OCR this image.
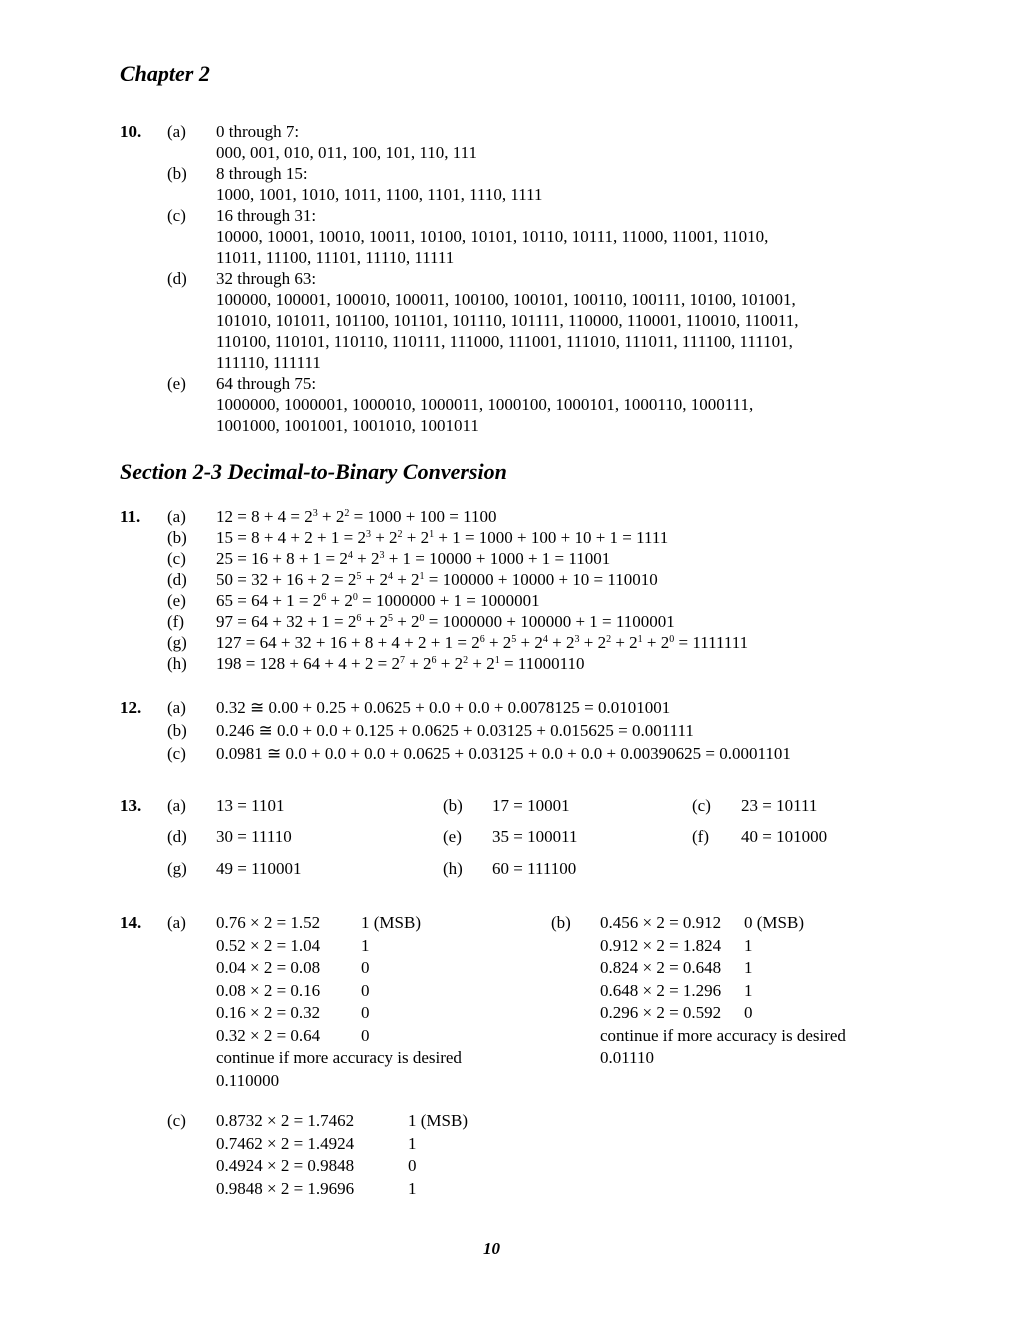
Chapter 2
Section 2-3 Decimal-to-Binary Conversion
10
10. (a) 0 through 7:
000, 001, 010, 011, 100, 101, 110, 111
(b) 8 through 15:
1000, 1001, 1010, 1011, 1100, 1101, 1110, 1111
(c) 16 through 31:
10000, 10001, 10010, 10011, 10100, 10101, 10110, 10111, 11000, 11001, 11010,
11011, 11100, 11101, 11110, 11111
(d) 32 through 63:
100000, 100001, 100010, 100011, 100100, 100101, 100110, 100111, 10100, 101001,
101010, 101011, 101100, 101101, 101110, 101111, 110000, 110001, 110010, 110011,
110100, 110101, 110110, 110111, 111000, 111001, 111010, 111011, 111100, 111101,
111110, 111111
(e) 64 through 75:
1000000, 1000001, 1000010, 1000011, 1000100, 1000101, 1000110, 1000111,
1001000, 1001001, 1001010, 1001011
11. (a) $12 = 8 + 4 = 2^3 + 2^2 = 1000 + 100 = 1100$
(b) $15 = 8 + 4 + 2 + 1 = 2^3 + 2^2 + 2^1 + 1 = 1000 + 100 + 10 + 1 = 1111$
(c) $25 = 16 + 8 + 1 = 2^4 + 2^3 + 1 = 10000 + 1000 + 1 = 11001$
(d) $50 = 32 + 16 + 2 = 2^5 + 2^4 + 2^1 = 100000 + 10000 + 10 = 110010$
(e) $65 = 64 + 1 = 2^6 + 2^0 = 1000000 + 1 = 1000001$
(f) $97 = 64 + 32 + 1 = 2^6 + 2^5 + 2^0 = 1000000 + 100000 + 1 = 1100001$
(g) $127 = 64 + 32 + 16 + 8 + 4 + 2 + 1 = 2^6 + 2^5 + 2^4 + 2^3 + 2^2 + 2^1 + 2^0 = 1111111$
(h) $198 = 128 + 64 + 4 + 2 = 2^7 + 2^6 + 2^2 + 2^1 = 11000110$
12. (a) 0.32 ≅ 0.00 + 0.25 + 0.0625 + 0.0 + 0.0 + 0.0078125 = 0.0101001
(b) 0.246 ≅ 0.0 + 0.0 + 0.125 + 0.0625 + 0.03125 + 0.015625 = 0.001111
(c) 0.0981 ≅ 0.0 + 0.0 + 0.0 + 0.0625 + 0.03125 + 0.0 + 0.0 + 0.00390625 = 0.0001101
13. (a) 13 = 1101	(b) 17 = 10001	(c) 23 = 10111
(d) 30 = 11110	(e) 35 = 100011	(f) 40 = 101000
(g) 49 = 110001	(h) 60 = 111100
14. (a) 0.76 × 2 = 1.52 1 (MSB)
0.52 × 2 = 1.04 1
0.04 × 2 = 0.08 0
0.08 × 2 = 0.16 0
0.16 × 2 = 0.32 0
0.32 × 2 = 0.64 0
continue if more accuracy is desired
0.110000
(b) 0.456 × 2 = 0.912 0 (MSB)
0.912 × 2 = 1.824 1
0.824 × 2 = 0.648 1
0.648 × 2 = 1.296 1
0.296 × 2 = 0.592 0
continue if more accuracy is desired
0.01110
(c) 0.8732 × 2 = 1.7462	1 (MSB)
0.7462 × 2 = 1.4924	1
0.4924 × 2 = 0.9848	0
0.9848 × 2 = 1.9696	1
